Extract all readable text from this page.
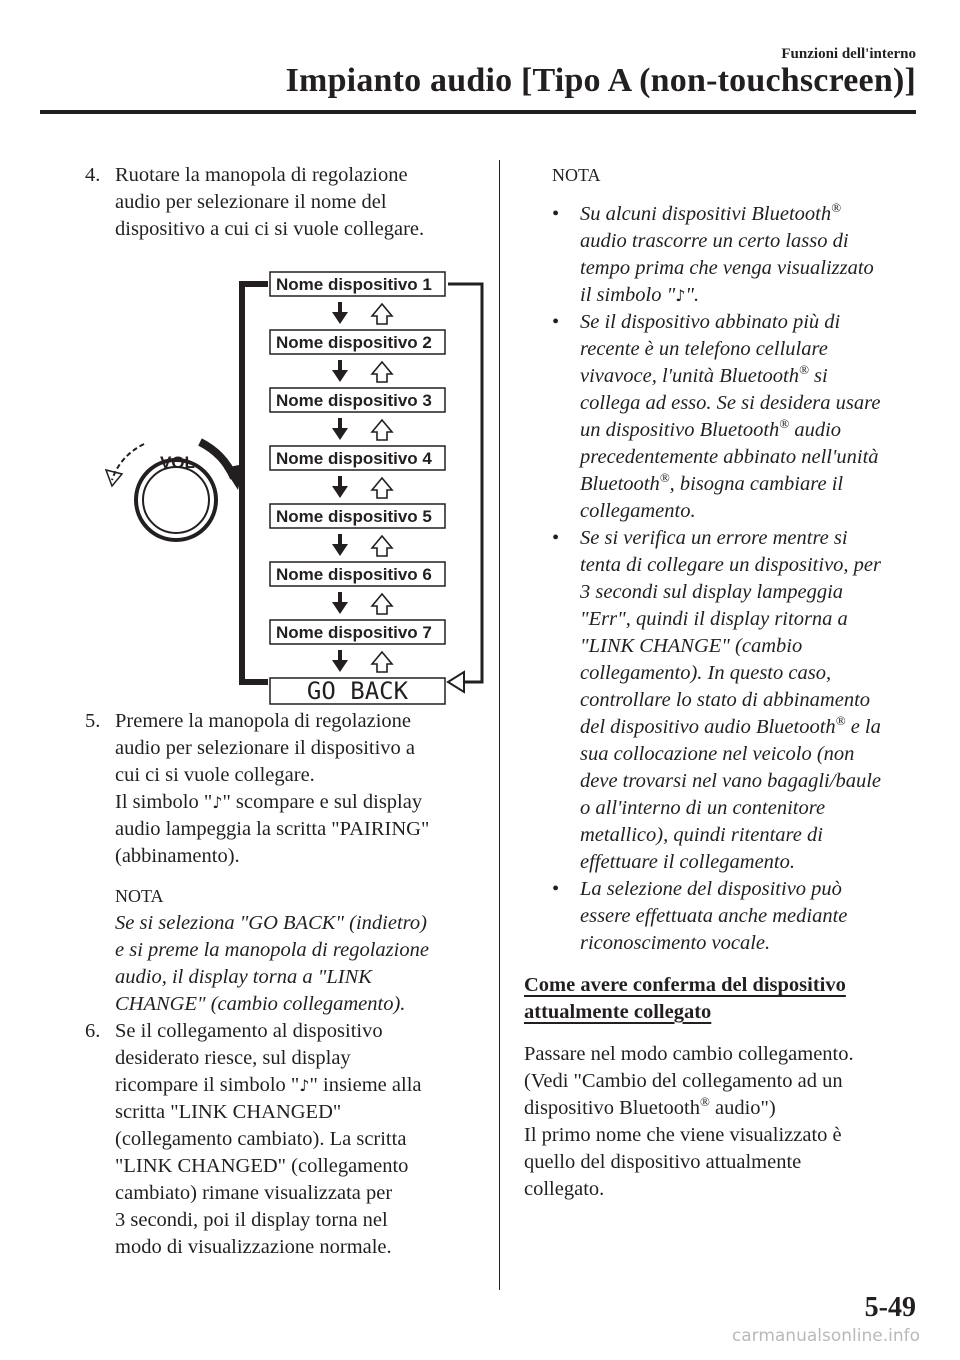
Funzioni dell'interno
Impianto audio [Tipo A (non-touchscreen)]
4. Ruotare la manopola di regolazione
audio per selezionare il nome del
dispositivo a cui ci si vuole collegare.
VOL
Nome dispositivo 1
Nome dispositivo 2
Nome dispositivo 3
Nome dispositivo 4
Nome dispositivo 5
Nome dispositivo 6
Nome dispositivo 7
GO BACK
5. Premere la manopola di regolazione
audio per selezionare il dispositivo a
cui ci si vuole collegare.
Il simbolo "♪" scompare e sul display
audio lampeggia la scritta "PAIRING"
(abbinamento).
NOTA
Se si seleziona "GO BACK" (indietro)
e si preme la manopola di regolazione
audio, il display torna a "LINK
CHANGE" (cambio collegamento).
6. Se il collegamento al dispositivo
desiderato riesce, sul display
ricompare il simbolo "♪" insieme alla
scritta "LINK CHANGED"
(collegamento cambiato). La scritta
"LINK CHANGED" (collegamento
cambiato) rimane visualizzata per
3 secondi, poi il display torna nel
modo di visualizzazione normale.
NOTA
• Su alcuni dispositivi Bluetooth®
audio trascorre un certo lasso di
tempo prima che venga visualizzato
il simbolo "♪".
• Se il dispositivo abbinato più di
recente è un telefono cellulare
vivavoce, l'unità Bluetooth® si
collega ad esso. Se si desidera usare
un dispositivo Bluetooth® audio
precedentemente abbinato nell'unità
Bluetooth®, bisogna cambiare il
collegamento.
• Se si verifica un errore mentre si
tenta di collegare un dispositivo, per
3 secondi sul display lampeggia
"Err", quindi il display ritorna a
"LINK CHANGE" (cambio
collegamento). In questo caso,
controllare lo stato di abbinamento
del dispositivo audio Bluetooth® e la
sua collocazione nel veicolo (non
deve trovarsi nel vano bagagli/baule
o all'interno di un contenitore
metallico), quindi ritentare di
effettuare il collegamento.
• La selezione del dispositivo può
essere effettuata anche mediante
riconoscimento vocale.
Come avere conferma del dispositivo
attualmente collegato
Passare nel modo cambio collegamento.
(Vedi "Cambio del collegamento ad un
dispositivo Bluetooth® audio")
Il primo nome che viene visualizzato è
quello del dispositivo attualmente
collegato.
5-49
carmanualsonline.info
